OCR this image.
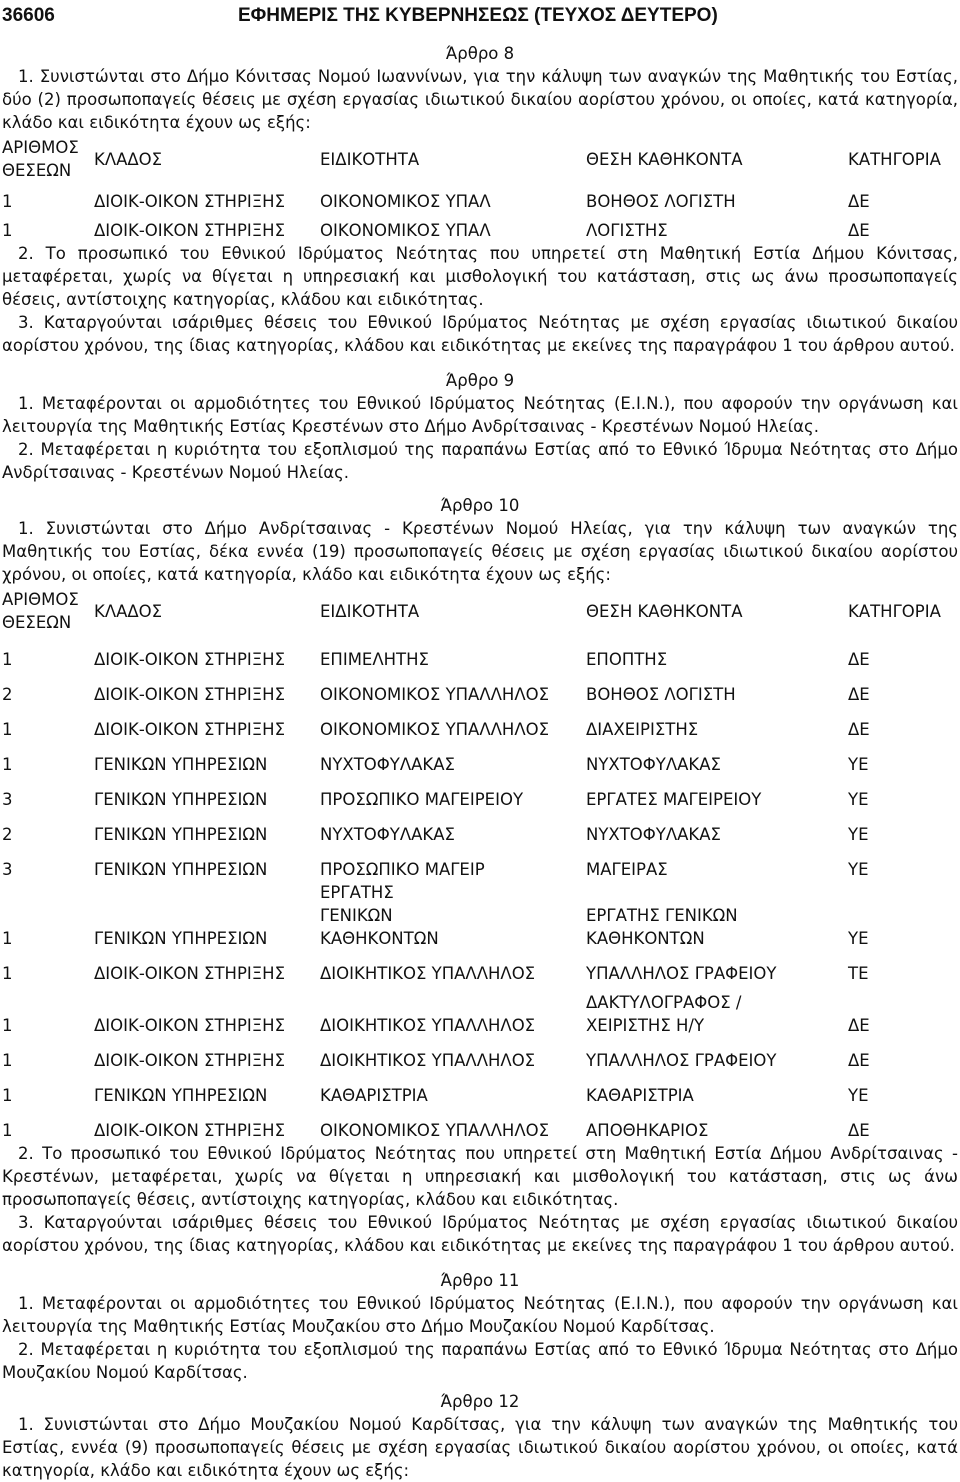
36606	ΕΦΗΜΕΡΙΣ ΤΗΣ ΚΥΒΕΡΝΗΣΕΩΣ (ΤΕΥΧΟΣ ΔΕΥΤΕΡΟ)

Άρθρο 8

1. Συνιστώνται στο Δήμο Κόνιτσας Νομού Ιωαννίνων, για την κάλυψη των αναγκών της Μαθητικής του Εστίας, δύο (2) προσωποπαγείς θέσεις με σχέση εργασίας ιδιωτικού δικαίου αορίστου χρόνου, οι οποίες, κατά κατηγορία, κλάδο και ειδικότητα έχουν ως εξής:

ΑΡΙΘΜΟΣ ΘΕΣΕΩΝ	ΚΛΑΔΟΣ	ΕΙΔΙΚΟΤΗΤΑ	ΘΕΣΗ ΚΑΘΗΚΟΝΤΑ	ΚΑΤΗΓΟΡΙΑ
1	ΔΙΟΙΚ-ΟΙΚΟΝ ΣΤΗΡΙΞΗΣ	ΟΙΚΟΝΟΜΙΚΟΣ ΥΠΑΛ	ΒΟΗΘΟΣ ΛΟΓΙΣΤΗ	ΔΕ
1	ΔΙΟΙΚ-ΟΙΚΟΝ ΣΤΗΡΙΞΗΣ	ΟΙΚΟΝΟΜΙΚΟΣ ΥΠΑΛ	ΛΟΓΙΣΤΗΣ	ΔΕ

2. Το προσωπικό του Εθνικού Ιδρύματος Νεότητας που υπηρετεί στη Μαθητική Εστία Δήμου Κόνιτσας, μεταφέρεται, χωρίς να θίγεται η υπηρεσιακή και μισθολογική του κατάσταση, στις ως άνω προσωποπαγείς θέσεις, αντίστοιχης κατηγορίας, κλάδου και ειδικότητας.

3. Καταργούνται ισάριθμες θέσεις του Εθνικού Ιδρύματος Νεότητας με σχέση εργασίας ιδιωτικού δικαίου αορίστου χρόνου, της ίδιας κατηγορίας, κλάδου και ειδικότητας με εκείνες της παραγράφου 1 του άρθρου αυτού.

Άρθρο 9

1. Μεταφέρονται οι αρμοδιότητες του Εθνικού Ιδρύματος Νεότητας (Ε.Ι.Ν.), που αφορούν την οργάνωση και λειτουργία της Μαθητικής Εστίας Κρεστένων στο Δήμο Ανδρίτσαινας - Κρεστένων Νομού Ηλείας.

2. Μεταφέρεται η κυριότητα του εξοπλισμού της παραπάνω Εστίας από το Εθνικό Ίδρυμα Νεότητας στο Δήμο Ανδρίτσαινας - Κρεστένων Νομού Ηλείας.

Άρθρο 10

1. Συνιστώνται στο Δήμο Ανδρίτσαινας - Κρεστένων Νομού Ηλείας, για την κάλυψη των αναγκών της Μαθητικής του Εστίας, δέκα εννέα (19) προσωποπαγείς θέσεις με σχέση εργασίας ιδιωτικού δικαίου αορίστου χρόνου, οι οποίες, κατά κατηγορία, κλάδο και ειδικότητα έχουν ως εξής:

ΑΡΙΘΜΟΣ ΘΕΣΕΩΝ	ΚΛΑΔΟΣ	ΕΙΔΙΚΟΤΗΤΑ	ΘΕΣΗ ΚΑΘΗΚΟΝΤΑ	ΚΑΤΗΓΟΡΙΑ
1	ΔΙΟΙΚ-ΟΙΚΟΝ ΣΤΗΡΙΞΗΣ	ΕΠΙΜΕΛΗΤΗΣ	ΕΠΟΠΤΗΣ	ΔΕ
2	ΔΙΟΙΚ-ΟΙΚΟΝ ΣΤΗΡΙΞΗΣ	ΟΙΚΟΝΟΜΙΚΟΣ ΥΠΑΛΛΗΛΟΣ	ΒΟΗΘΟΣ ΛΟΓΙΣΤΗ	ΔΕ
1	ΔΙΟΙΚ-ΟΙΚΟΝ ΣΤΗΡΙΞΗΣ	ΟΙΚΟΝΟΜΙΚΟΣ ΥΠΑΛΛΗΛΟΣ	ΔΙΑΧΕΙΡΙΣΤΗΣ	ΔΕ
1	ΓΕΝΙΚΩΝ ΥΠΗΡΕΣΙΩΝ	ΝΥΧΤΟΦΥΛΑΚΑΣ	ΝΥΧΤΟΦΥΛΑΚΑΣ	ΥΕ
3	ΓΕΝΙΚΩΝ ΥΠΗΡΕΣΙΩΝ	ΠΡΟΣΩΠΙΚΟ ΜΑΓΕΙΡΕΙΟΥ	ΕΡΓΑΤΕΣ ΜΑΓΕΙΡΕΙΟΥ	ΥΕ
2	ΓΕΝΙΚΩΝ ΥΠΗΡΕΣΙΩΝ	ΝΥΧΤΟΦΥΛΑΚΑΣ	ΝΥΧΤΟΦΥΛΑΚΑΣ	ΥΕ
3	ΓΕΝΙΚΩΝ ΥΠΗΡΕΣΙΩΝ	ΠΡΟΣΩΠΙΚΟ ΜΑΓΕΙΡ	ΜΑΓΕΙΡΑΣ	ΥΕ
1	ΓΕΝΙΚΩΝ ΥΠΗΡΕΣΙΩΝ	ΕΡΓΑΤΗΣ ΓΕΝΙΚΩΝ ΚΑΘΗΚΟΝΤΩΝ	ΕΡΓΑΤΗΣ ΓΕΝΙΚΩΝ ΚΑΘΗΚΟΝΤΩΝ	ΥΕ
1	ΔΙΟΙΚ-ΟΙΚΟΝ ΣΤΗΡΙΞΗΣ	ΔΙΟΙΚΗΤΙΚΟΣ ΥΠΑΛΛΗΛΟΣ	ΥΠΑΛΛΗΛΟΣ ΓΡΑΦΕΙΟΥ	ΤΕ
1	ΔΙΟΙΚ-ΟΙΚΟΝ ΣΤΗΡΙΞΗΣ	ΔΙΟΙΚΗΤΙΚΟΣ ΥΠΑΛΛΗΛΟΣ	ΔΑΚΤΥΛΟΓΡΑΦΟΣ / ΧΕΙΡΙΣΤΗΣ Η/Υ	ΔΕ
1	ΔΙΟΙΚ-ΟΙΚΟΝ ΣΤΗΡΙΞΗΣ	ΔΙΟΙΚΗΤΙΚΟΣ ΥΠΑΛΛΗΛΟΣ	ΥΠΑΛΛΗΛΟΣ ΓΡΑΦΕΙΟΥ	ΔΕ
1	ΓΕΝΙΚΩΝ ΥΠΗΡΕΣΙΩΝ	ΚΑΘΑΡΙΣΤΡΙΑ	ΚΑΘΑΡΙΣΤΡΙΑ	ΥΕ
1	ΔΙΟΙΚ-ΟΙΚΟΝ ΣΤΗΡΙΞΗΣ	ΟΙΚΟΝΟΜΙΚΟΣ ΥΠΑΛΛΗΛΟΣ	ΑΠΟΘΗΚΑΡΙΟΣ	ΔΕ

2. Το προσωπικό του Εθνικού Ιδρύματος Νεότητας που υπηρετεί στη Μαθητική Εστία Δήμου Ανδρίτσαινας - Κρεστένων, μεταφέρεται, χωρίς να θίγεται η υπηρεσιακή και μισθολογική του κατάσταση, στις ως άνω προσωποπαγείς θέσεις, αντίστοιχης κατηγορίας, κλάδου και ειδικότητας.

3. Καταργούνται ισάριθμες θέσεις του Εθνικού Ιδρύματος Νεότητας με σχέση εργασίας ιδιωτικού δικαίου αορίστου χρόνου, της ίδιας κατηγορίας, κλάδου και ειδικότητας με εκείνες της παραγράφου 1 του άρθρου αυτού.

Άρθρο 11

1. Μεταφέρονται οι αρμοδιότητες του Εθνικού Ιδρύματος Νεότητας (Ε.Ι.Ν.), που αφορούν την οργάνωση και λειτουργία της Μαθητικής Εστίας Μουζακίου στο Δήμο Μουζακίου Νομού Καρδίτσας.

2. Μεταφέρεται η κυριότητα του εξοπλισμού της παραπάνω Εστίας από το Εθνικό Ίδρυμα Νεότητας στο Δήμο Μουζακίου Νομού Καρδίτσας.

Άρθρο 12

1. Συνιστώνται στο Δήμο Μουζακίου Νομού Καρδίτσας, για την κάλυψη των αναγκών της Μαθητικής του Εστίας, εννέα (9) προσωποπαγείς θέσεις με σχέση εργασίας ιδιωτικού δικαίου αορίστου χρόνου, οι οποίες, κατά κατηγορία, κλάδο και ειδικότητα έχουν ως εξής:
